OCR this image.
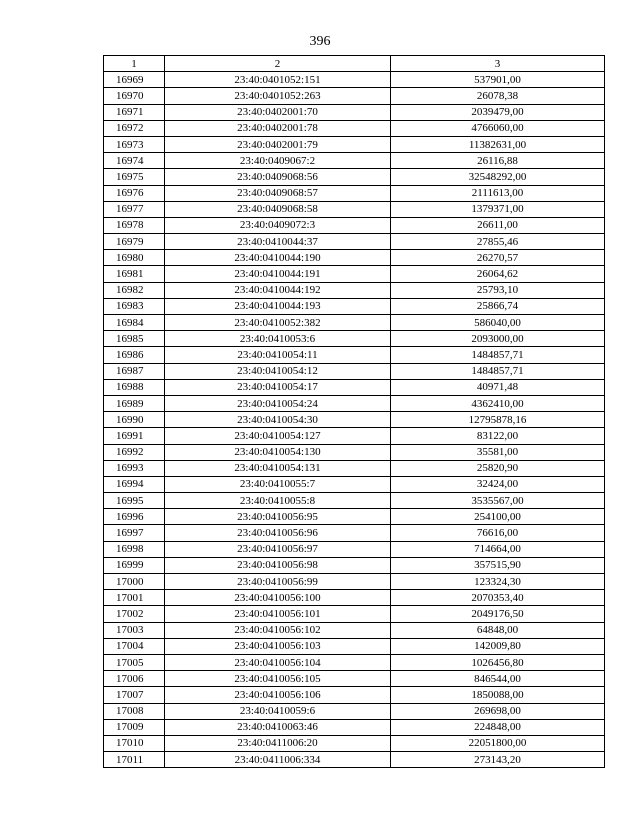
396
1	2	3
16969	23:40:0401052:151	537901,00
16970	23:40:0401052:263	26078,38
16971	23:40:0402001:70	2039479,00
16972	23:40:0402001:78	4766060,00
16973	23:40:0402001:79	11382631,00
16974	23:40:0409067:2	26116,88
16975	23:40:0409068:56	32548292,00
16976	23:40:0409068:57	2111613,00
16977	23:40:0409068:58	1379371,00
16978	23:40:0409072:3	26611,00
16979	23:40:0410044:37	27855,46
16980	23:40:0410044:190	26270,57
16981	23:40:0410044:191	26064,62
16982	23:40:0410044:192	25793,10
16983	23:40:0410044:193	25866,74
16984	23:40:0410052:382	586040,00
16985	23:40:0410053:6	2093000,00
16986	23:40:0410054:11	1484857,71
16987	23:40:0410054:12	1484857,71
16988	23:40:0410054:17	40971,48
16989	23:40:0410054:24	4362410,00
16990	23:40:0410054:30	12795878,16
16991	23:40:0410054:127	83122,00
16992	23:40:0410054:130	35581,00
16993	23:40:0410054:131	25820,90
16994	23:40:0410055:7	32424,00
16995	23:40:0410055:8	3535567,00
16996	23:40:0410056:95	254100,00
16997	23:40:0410056:96	76616,00
16998	23:40:0410056:97	714664,00
16999	23:40:0410056:98	357515,90
17000	23:40:0410056:99	123324,30
17001	23:40:0410056:100	2070353,40
17002	23:40:0410056:101	2049176,50
17003	23:40:0410056:102	64848,00
17004	23:40:0410056:103	142009,80
17005	23:40:0410056:104	1026456,80
17006	23:40:0410056:105	846544,00
17007	23:40:0410056:106	1850088,00
17008	23:40:0410059:6	269698,00
17009	23:40:0410063:46	224848,00
17010	23:40:0411006:20	22051800,00
17011	23:40:0411006:334	273143,20
